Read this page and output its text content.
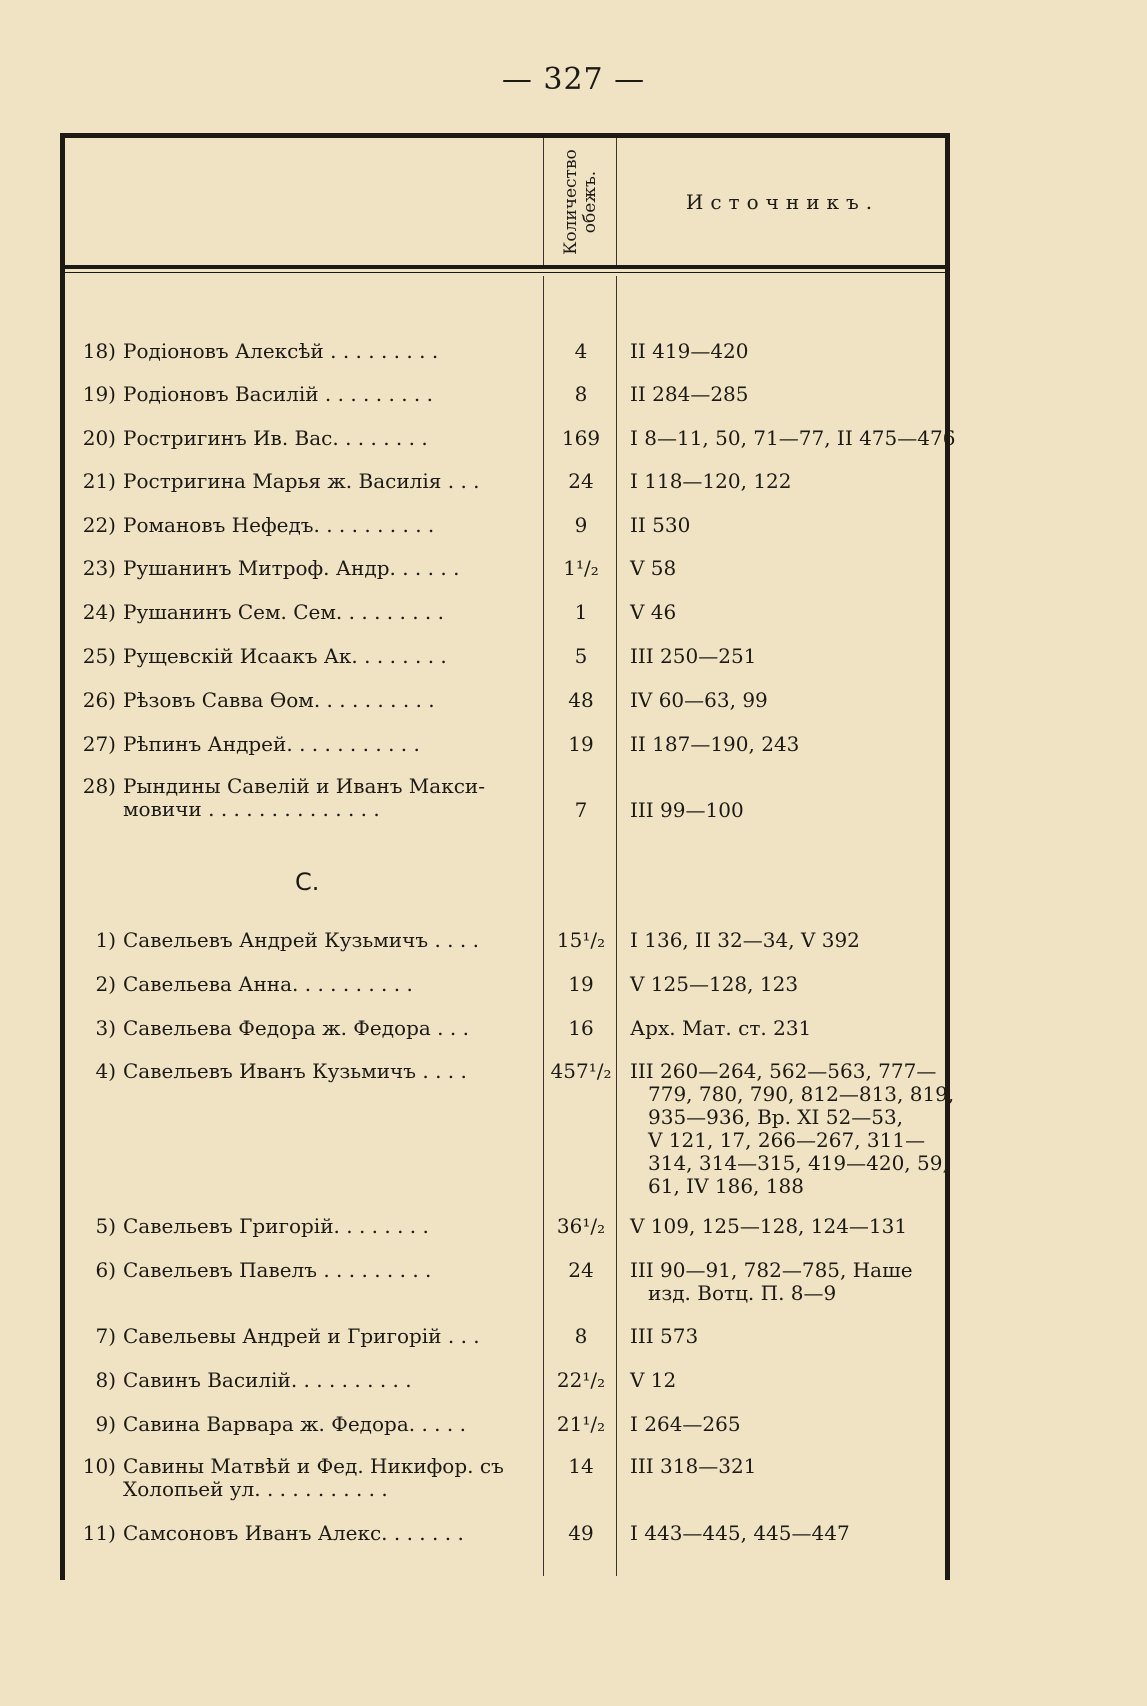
— 327 —
Количество обежъ.	Источникъ.
С.
18) Родіоновъ Алексѣй . . . . . . . . .	4	II 419—420
19) Родіоновъ Василій . . . . . . . . .	8	II 284—285
20) Ростригинъ Ив. Вас. . . . . . . .	169	I 8—11, 50, 71—77, II 475—476
21) Ростригина Марья ж. Василія . . .	24	I 118—120, 122
22) Романовъ Нефедъ. . . . . . . . . .	9	II 530
23) Рушанинъ Митроф. Андр. . . . . .	1¹/₂	V 58
24) Рушанинъ Сем. Сем. . . . . . . . .	1	V 46
25) Рущевскій Исаакъ Ак. . . . . . . .	5	III 250—251
26) Рѣзовъ Савва Ѳом. . . . . . . . . .	48	IV 60—63, 99
27) Рѣпинъ Андрей. . . . . . . . . . .	19	II 187—190, 243
28) Рындины Савелій и Иванъ Макси-
мовичи . . . . . . . . . . . . . .	7	III 99—100
1) Савельевъ Андрей Кузьмичъ . . . .	15¹/₂	I 136, II 32—34, V 392
2) Савельева Анна. . . . . . . . . .	19	V 125—128, 123
3) Савельева Федора ж. Федора . . .	16	Арх. Мат. ст. 231
4) Савельевъ Иванъ Кузьмичъ . . . .	457¹/₂ III 260—264, 562—563, 777—
779, 780, 790, 812—813, 819,
935—936, Вр. XI 52—53,
V 121, 17, 266—267, 311—
314, 314—315, 419—420, 59,
61, IV 186, 188
5) Савельевъ Григорій. . . . . . . .	36¹/₂	V 109, 125—128, 124—131
6) Савельевъ Павелъ . . . . . . . . .	24	III 90—91, 782—785, Наше
изд. Вотц. П. 8—9
7) Савельевы Андрей и Григорій . . .	8	III 573
8) Савинъ Василій. . . . . . . . . .	22¹/₂	V 12
9) Савина Варвара ж. Федора. . . . .	21¹/₂	I 264—265
10) Савины Матвѣй и Фед. Никифор. съ
Холопьей ул. . . . . . . . . . .
14	III 318—321
11) Самсоновъ Иванъ Алекс. . . . . . .	49	I 443—445, 445—447
